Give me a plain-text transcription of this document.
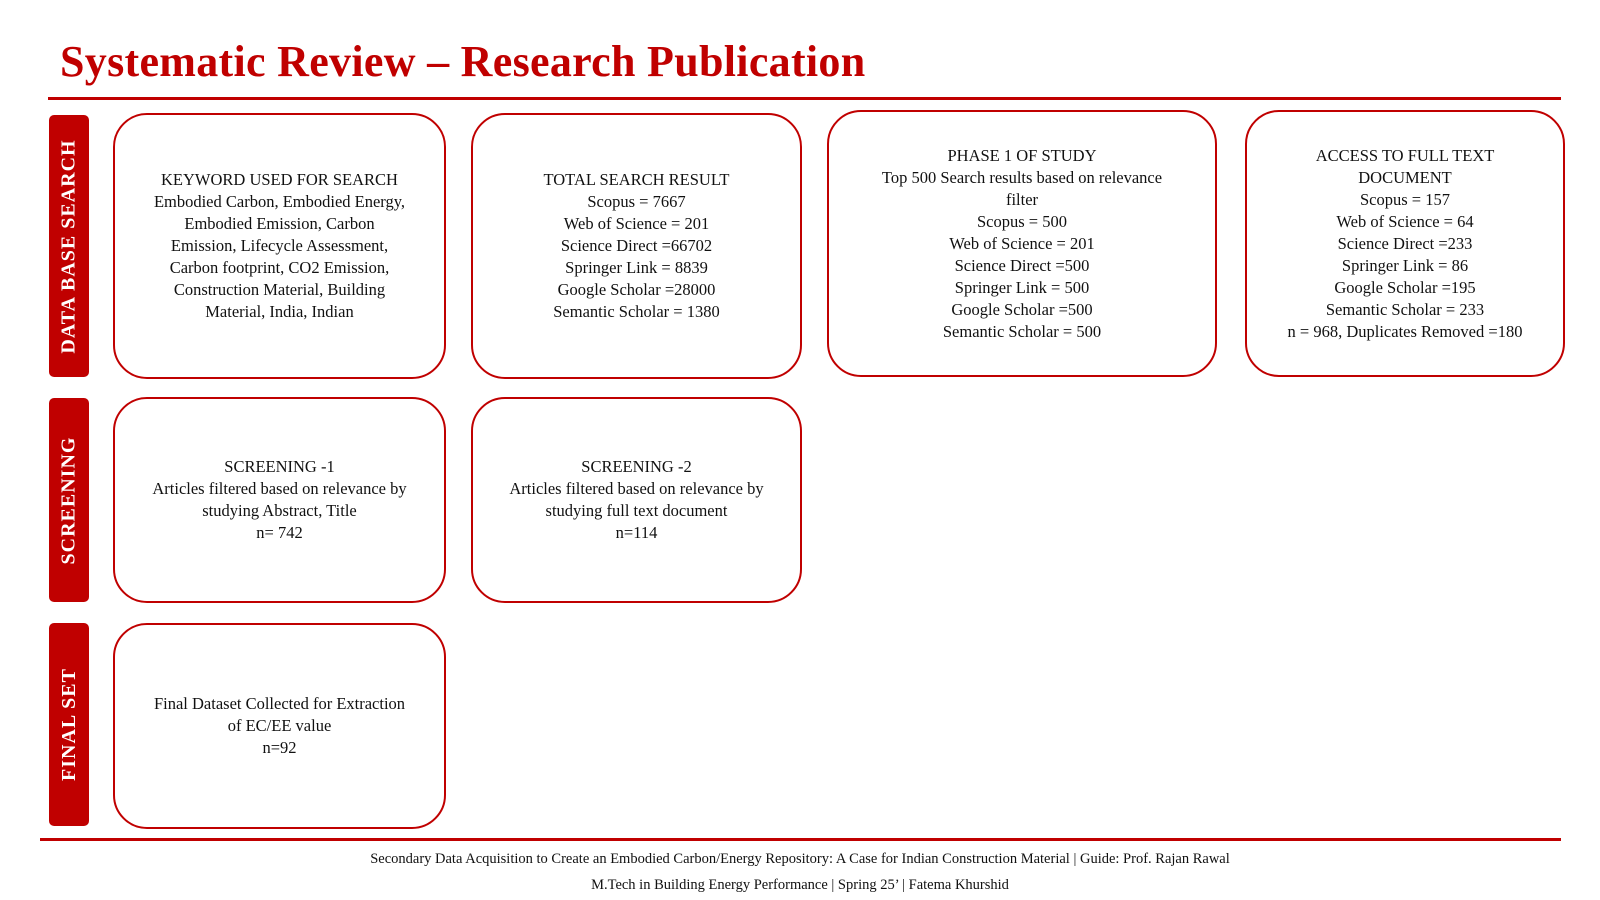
Systematic Review – Research Publication
DATA BASE SEARCH
SCREENING
FINAL SET
KEYWORD USED FOR SEARCH
Embodied Carbon, Embodied Energy,
Embodied Emission, Carbon
Emission, Lifecycle Assessment,
Carbon footprint, CO2 Emission,
Construction Material, Building
Material, India, Indian
TOTAL SEARCH RESULT
Scopus = 7667
Web of Science = 201
Science Direct =66702
Springer Link = 8839
Google Scholar =28000
Semantic Scholar = 1380
PHASE 1 OF STUDY
Top 500 Search results based on relevance
filter
Scopus = 500
Web of Science = 201
Science Direct =500
Springer Link = 500
Google Scholar =500
Semantic Scholar = 500
ACCESS TO FULL TEXT
DOCUMENT
Scopus = 157
Web of Science = 64
Science Direct =233
Springer Link = 86
Google Scholar =195
Semantic Scholar = 233
n = 968, Duplicates Removed =180
SCREENING -1
Articles filtered based on relevance by
studying Abstract, Title
n= 742
SCREENING -2
Articles filtered based on relevance by
studying full text document
n=114
Final Dataset Collected for Extraction
of EC/EE value
n=92
Secondary Data Acquisition to Create an Embodied Carbon/Energy Repository: A Case for Indian Construction Material | Guide: Prof. Rajan Rawal
M.Tech in Building Energy Performance | Spring 25’ | Fatema Khurshid
